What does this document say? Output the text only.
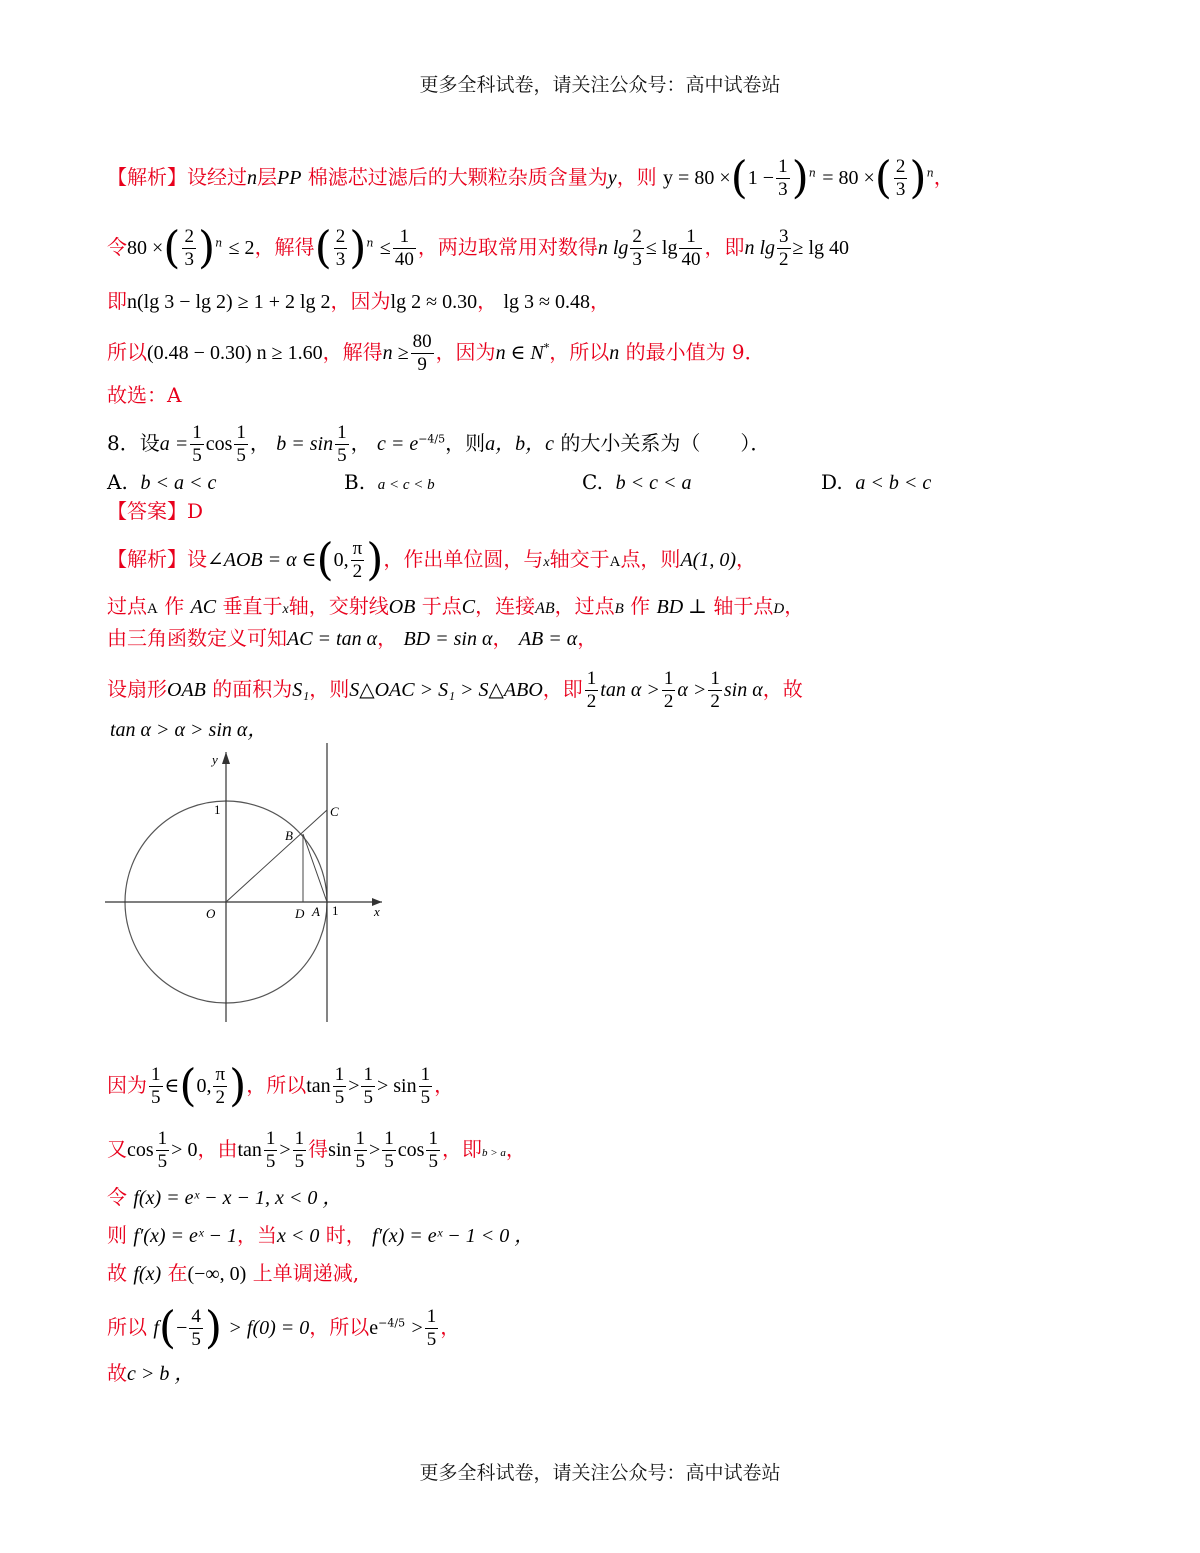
更多全科试卷，请关注公众号：高中试卷站
【解析】设经过n层PP 棉滤芯过滤后的大颗粒杂质含量为y，则 $y = 80 \times(1 - \frac{1}{3} )^n = 80$ ×( $\frac{2}{3} )^n$，
令80 ×( $\frac{2}{3} )^n \le 2$，解得( $\frac{2}{3} )^n \le \frac{1}{40}$ ，两边取常用对数得n $\lg \frac{2}{3} \le \lg \frac{1}{40}$ ，即n $\lg \frac{3}{2} \ge \lg 40$
即n(lg 3 − lg 2) ≥ 1 + 2 lg 2，因为lg 2 ≈ 0.30， lg 3 ≈ 0.48，
所以(0.48 − 0.30) n ≥ 1.60，解得$n \ge \frac{80}{9}$ ，因为n ∈ N*，所以n 的最小值为 9．
故选：A
8．设$a = \frac{1}{5}$ $\cos \frac{1}{5}$ ， $b = \sin \frac{1}{5}$ ， $c = e^{-4/5}$，则a，b，c 的大小关系为（　　）．
A. b < a < c	B. a < c < b	C. b < c < a	D. a < b < c
【答案】D
【解析】设∠AOB = α ∈(0, $\frac{\pi}{2}$ )，作出单位圆，与x轴交于A点，则A(1, 0)，
过点A 作 AC 垂直于x轴，交射线OB 于点C，连接AB，过点B 作 BD ⊥ 轴于点D，
由三角函数定义可知AC = tan α， BD = sin α， AB = α，
设扇形OAB 的面积为S₁，则S△OAC > S₁ > S△ABO，即 $\frac{1}{2}$ $\tan \alpha > \frac{1}{2}$ $\alpha > \frac{1}{2}$ sin α，故
tan α > α > sin α，
y
x
1
1
O	A
B
C
D
因为 $\frac{1}{5}$ ∈(0, $\frac{\pi}{2}$ )，所以$\tan \frac{1}{5} > \frac{1}{5} > \sin \frac{1}{5}$ ，
又$\cos \frac{1}{5} > 0$，由$\tan \frac{1}{5} > \frac{1}{5}$ 得$\sin \frac{1}{5} > \frac{1}{5}$ $\cos \frac{1}{5}$ ，即b > a，
令 f(x) = eˣ − x − 1, x < 0 ，
则 f′(x) = eˣ − 1，当x < 0 时， f′(x) = eˣ − 1 < 0 ，
故 f(x) 在(−∞, 0) 上单调递减,
所以 $f(- \frac{4}{5}$ ) > f(0) = 0，所以$e^{-4/5} > \frac{1}{5}$ ，
故c > b ，
更多全科试卷，请关注公众号：高中试卷站
